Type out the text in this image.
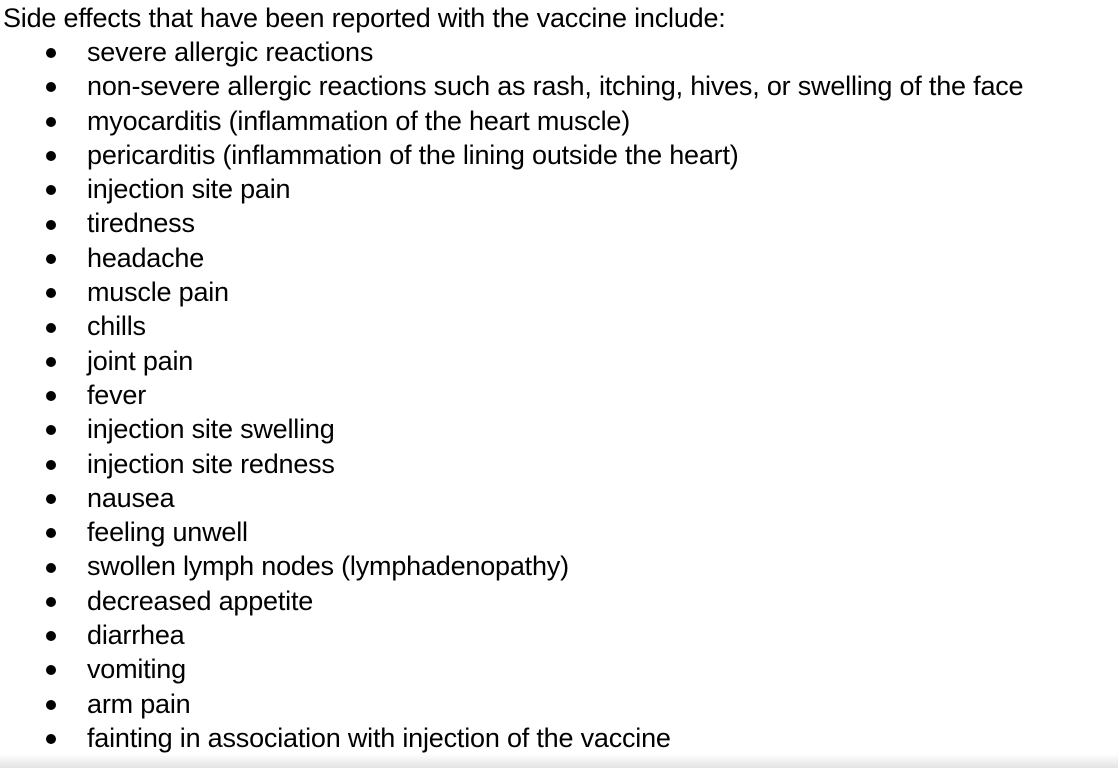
Side effects that have been reported with the vaccine include:
severe allergic reactions
non-severe allergic reactions such as rash, itching, hives, or swelling of the face
myocarditis (inflammation of the heart muscle)
pericarditis (inflammation of the lining outside the heart)
injection site pain
tiredness
headache
muscle pain
chills
joint pain
fever
injection site swelling
injection site redness
nausea
feeling unwell
swollen lymph nodes (lymphadenopathy)
decreased appetite
diarrhea
vomiting
arm pain
fainting in association with injection of the vaccine
